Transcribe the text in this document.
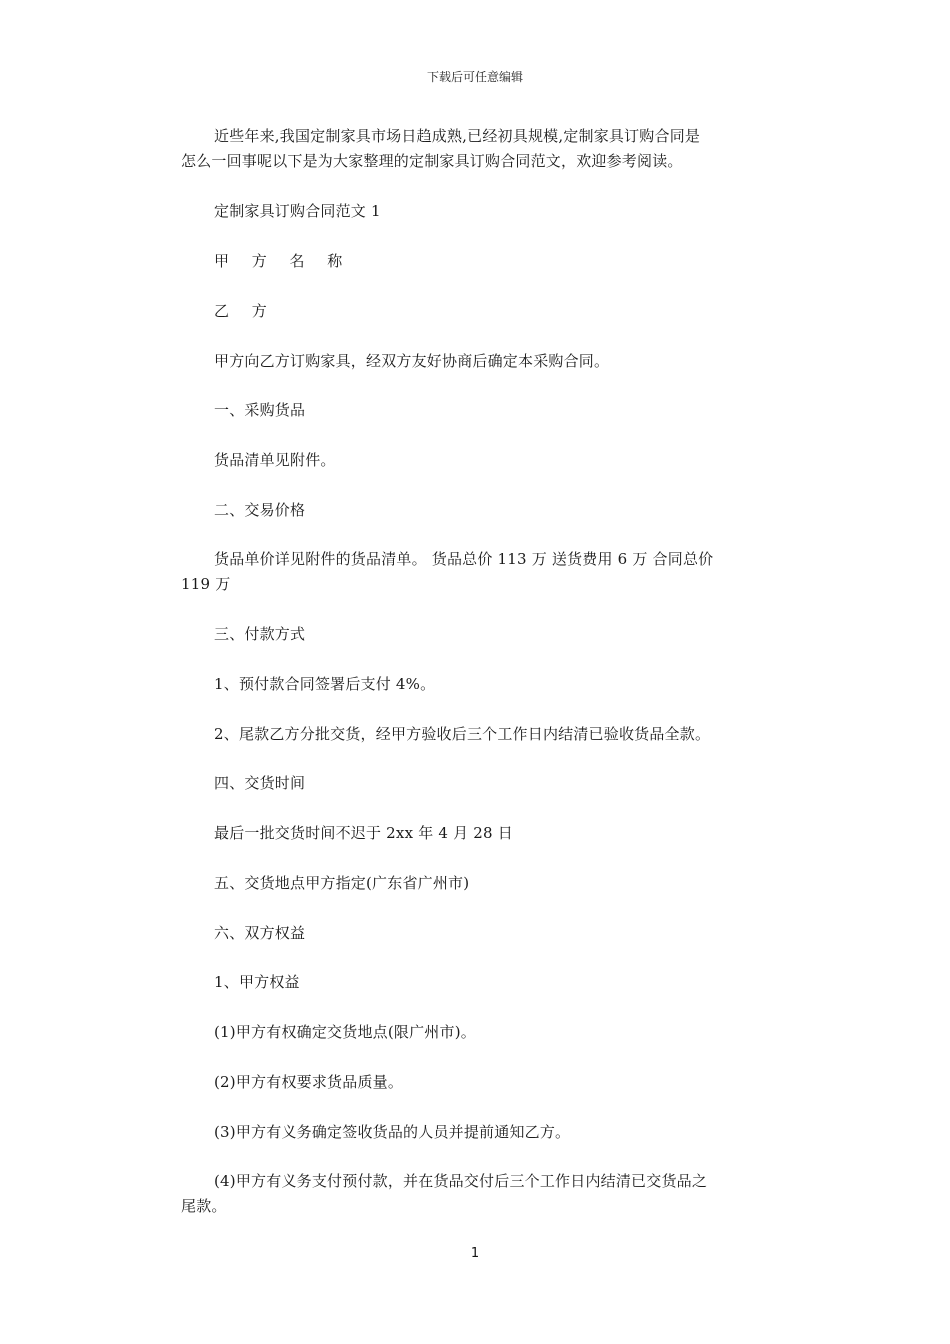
下载后可任意编辑

近些年来,我国定制家具市场日趋成熟,已经初具规模,定制家具订购合同是
怎么一回事呢以下是为大家整理的定制家具订购合同范文，欢迎参考阅读。

定制家具订购合同范文 1

甲 方 名 称

乙 方

甲方向乙方订购家具，经双方友好协商后确定本采购合同。

一、采购货品

货品清单见附件。

二、交易价格

货品单价详见附件的货品清单。 货品总价 113 万 送货费用 6 万 合同总价
119 万

三、付款方式

1、预付款合同签署后支付 4%。

2、尾款乙方分批交货，经甲方验收后三个工作日内结清已验收货品全款。

四、交货时间

最后一批交货时间不迟于 2xx 年 4 月 28 日

五、交货地点甲方指定(广东省广州市)

六、双方权益

1、甲方权益

(1)甲方有权确定交货地点(限广州市)。

(2)甲方有权要求货品质量。

(3)甲方有义务确定签收货品的人员并提前通知乙方。

(4)甲方有义务支付预付款，并在货品交付后三个工作日内结清已交货品之
尾款。

1
